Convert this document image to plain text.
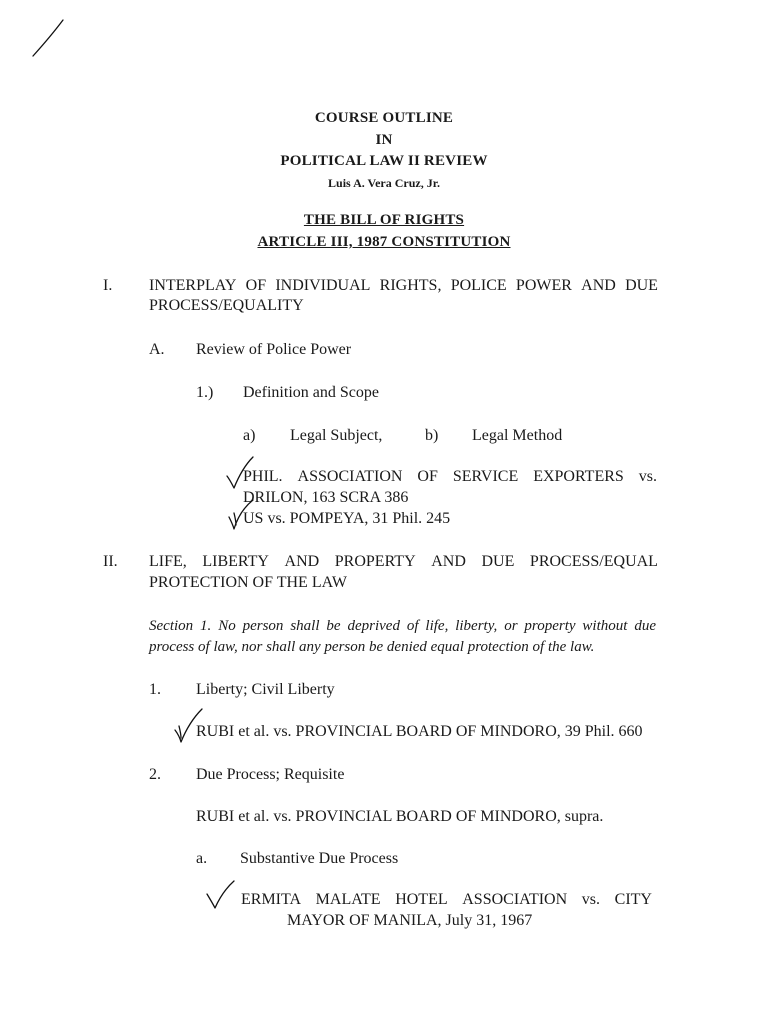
COURSE OUTLINE
IN
POLITICAL LAW II REVIEW
Luis A. Vera Cruz, Jr.
THE BILL OF RIGHTS
ARTICLE III, 1987 CONSTITUTION
I. INTERPLAY OF INDIVIDUAL RIGHTS, POLICE POWER AND DUE
PROCESS/EQUALITY
A. Review of Police Power
1.) Definition and Scope
a) Legal Subject,	b) Legal Method
PHIL. ASSOCIATION OF SERVICE EXPORTERS vs.
DRILON, 163 SCRA 386
US vs. POMPEYA, 31 Phil. 245
II. LIFE, LIBERTY AND PROPERTY AND DUE PROCESS/EQUAL
PROTECTION OF THE LAW
Section 1. No person shall be deprived of life, liberty, or property without due
process of law, nor shall any person be denied equal protection of the law.
1. Liberty; Civil Liberty
RUBI et al. vs. PROVINCIAL BOARD OF MINDORO, 39 Phil. 660
2. Due Process; Requisite
RUBI et al. vs. PROVINCIAL BOARD OF MINDORO, supra.
a. Substantive Due Process
ERMITA MALATE HOTEL ASSOCIATION vs. CITY
MAYOR OF MANILA, July 31, 1967
